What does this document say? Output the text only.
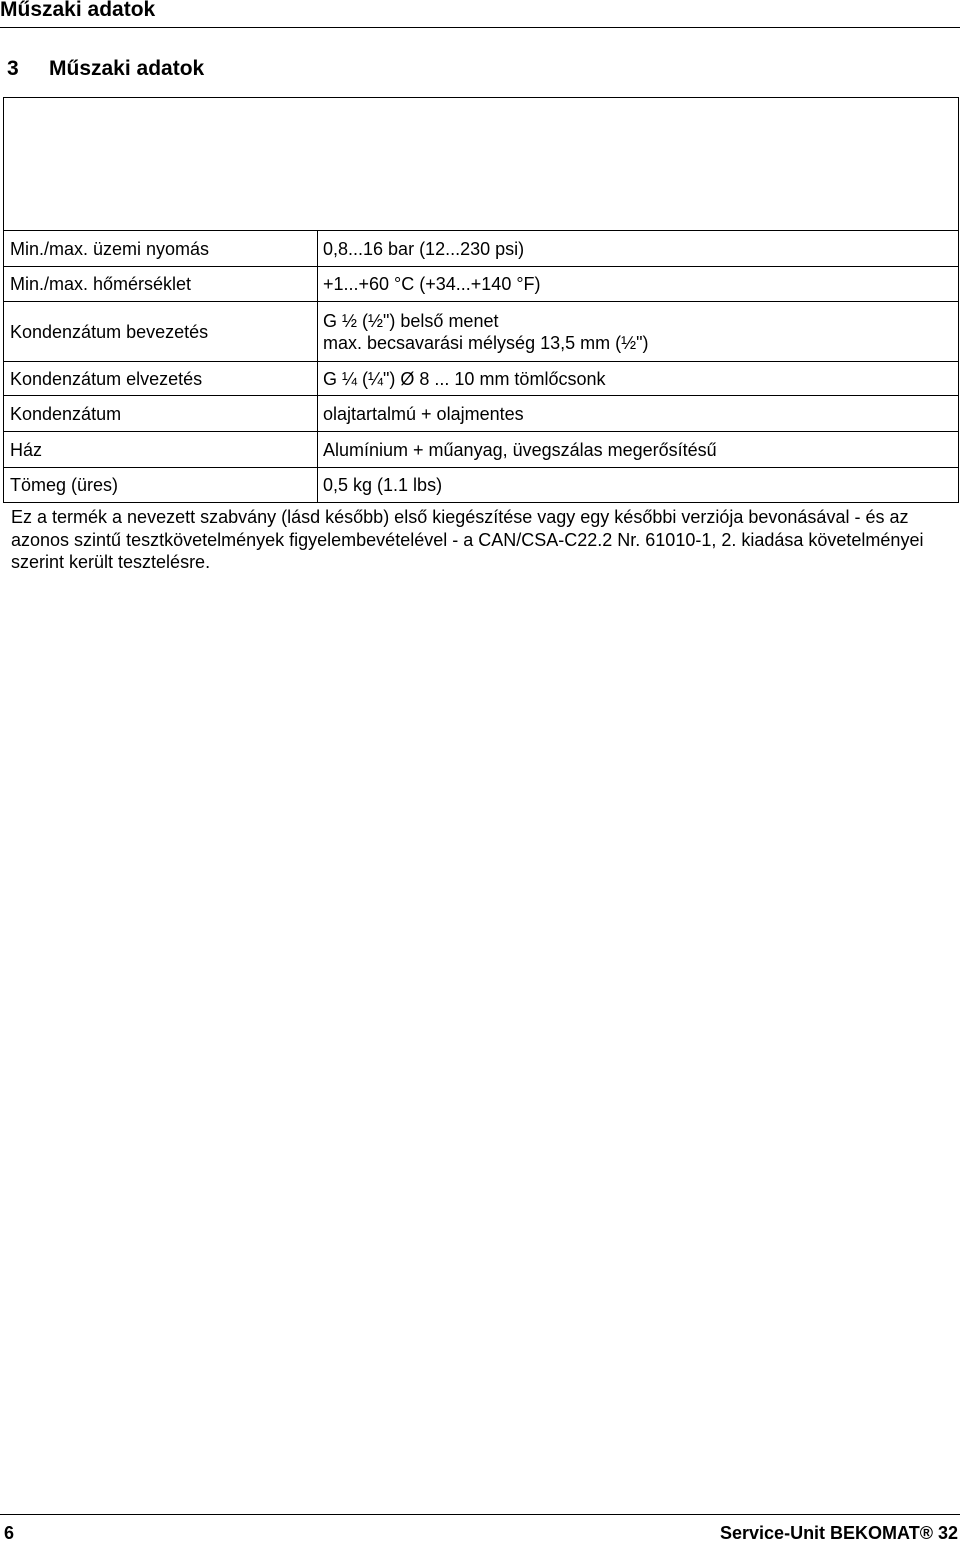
Műszaki adatok
3 Műszaki adatok

Min./max. üzemi nyomás	0,8...16 bar (12...230 psi)
Min./max. hőmérséklet	+1...+60 °C (+34...+140 °F)
Kondenzátum bevezetés	G ½ (½") belső menet
max. becsavarási mélység 13,5 mm (½")

Kondenzátum elvezetés	G ¼ (¼") Ø 8 ... 10 mm tömlőcsonk
Kondenzátum	olajtartalmú + olajmentes
Ház	Alumínium + műanyag, üvegszálas megerősítésű
Tömeg (üres)	0,5 kg (1.1 lbs)
Ez a termék a nevezett szabvány (lásd később) első kiegészítése vagy egy későbbi verziója bevonásával - és az azonos szintű tesztkövetelmények figyelembevételével - a CAN/CSA-C22.2 Nr. 61010-1, 2. kiadása követelményei szerint került tesztelésre.
6	Service-Unit BEKOMAT® 32
